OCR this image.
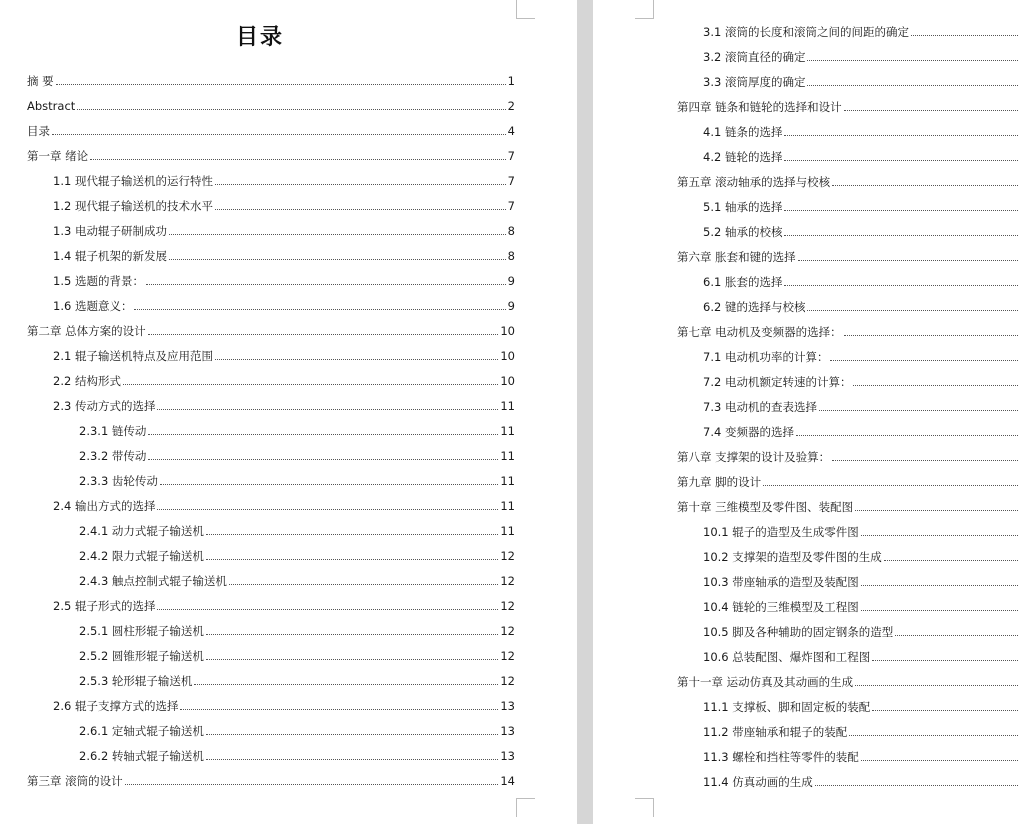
目录
摘 要	1
Abstract	2
目录	4
第一章 绪论	7
1.1 现代辊子输送机的运行特性	7
1.2 现代辊子输送机的技术水平	7
1.3 电动辊子研制成功	8
1.4 辊子机架的新发展	8
1.5 选题的背景：	9
1.6 选题意义：	9
第二章 总体方案的设计	10
2.1 辊子输送机特点及应用范围	10
2.2 结构形式	10
2.3 传动方式的选择	11
2.3.1 链传动	11
2.3.2 带传动	11
2.3.3 齿轮传动	11
2.4 输出方式的选择	11
2.4.1 动力式辊子输送机	11
2.4.2 限力式辊子输送机	12
2.4.3 触点控制式辊子输送机	12
2.5 辊子形式的选择	12
2.5.1 圆柱形辊子输送机	12
2.5.2 圆锥形辊子输送机	12
2.5.3 轮形辊子输送机	12
2.6 辊子支撑方式的选择	13
2.6.1 定轴式辊子输送机	13
2.6.2 转轴式辊子输送机	13
第三章 滚筒的设计	14
3.1 滚筒的长度和滚筒之间的间距的确定
3.2 滚筒直径的确定
3.3 滚筒厚度的确定
第四章 链条和链轮的选择和设计
4.1 链条的选择
4.2 链轮的选择
第五章 滚动轴承的选择与校核
5.1 轴承的选择
5.2 轴承的校核
第六章 胀套和键的选择
6.1 胀套的选择
6.2 键的选择与校核
第七章 电动机及变频器的选择：
7.1 电动机功率的计算：
7.2 电动机额定转速的计算：
7.3 电动机的查表选择
7.4 变频器的选择
第八章 支撑架的设计及验算：
第九章 脚的设计
第十章 三维模型及零件图、装配图
10.1 辊子的造型及生成零件图
10.2 支撑架的造型及零件图的生成
10.3 带座轴承的造型及装配图
10.4 链轮的三维模型及工程图
10.5 脚及各种辅助的固定钢条的造型
10.6 总装配图、爆炸图和工程图
第十一章 运动仿真及其动画的生成
11.1 支撑板、脚和固定板的装配
11.2 带座轴承和辊子的装配
11.3 螺栓和挡柱等零件的装配
11.4 仿真动画的生成
